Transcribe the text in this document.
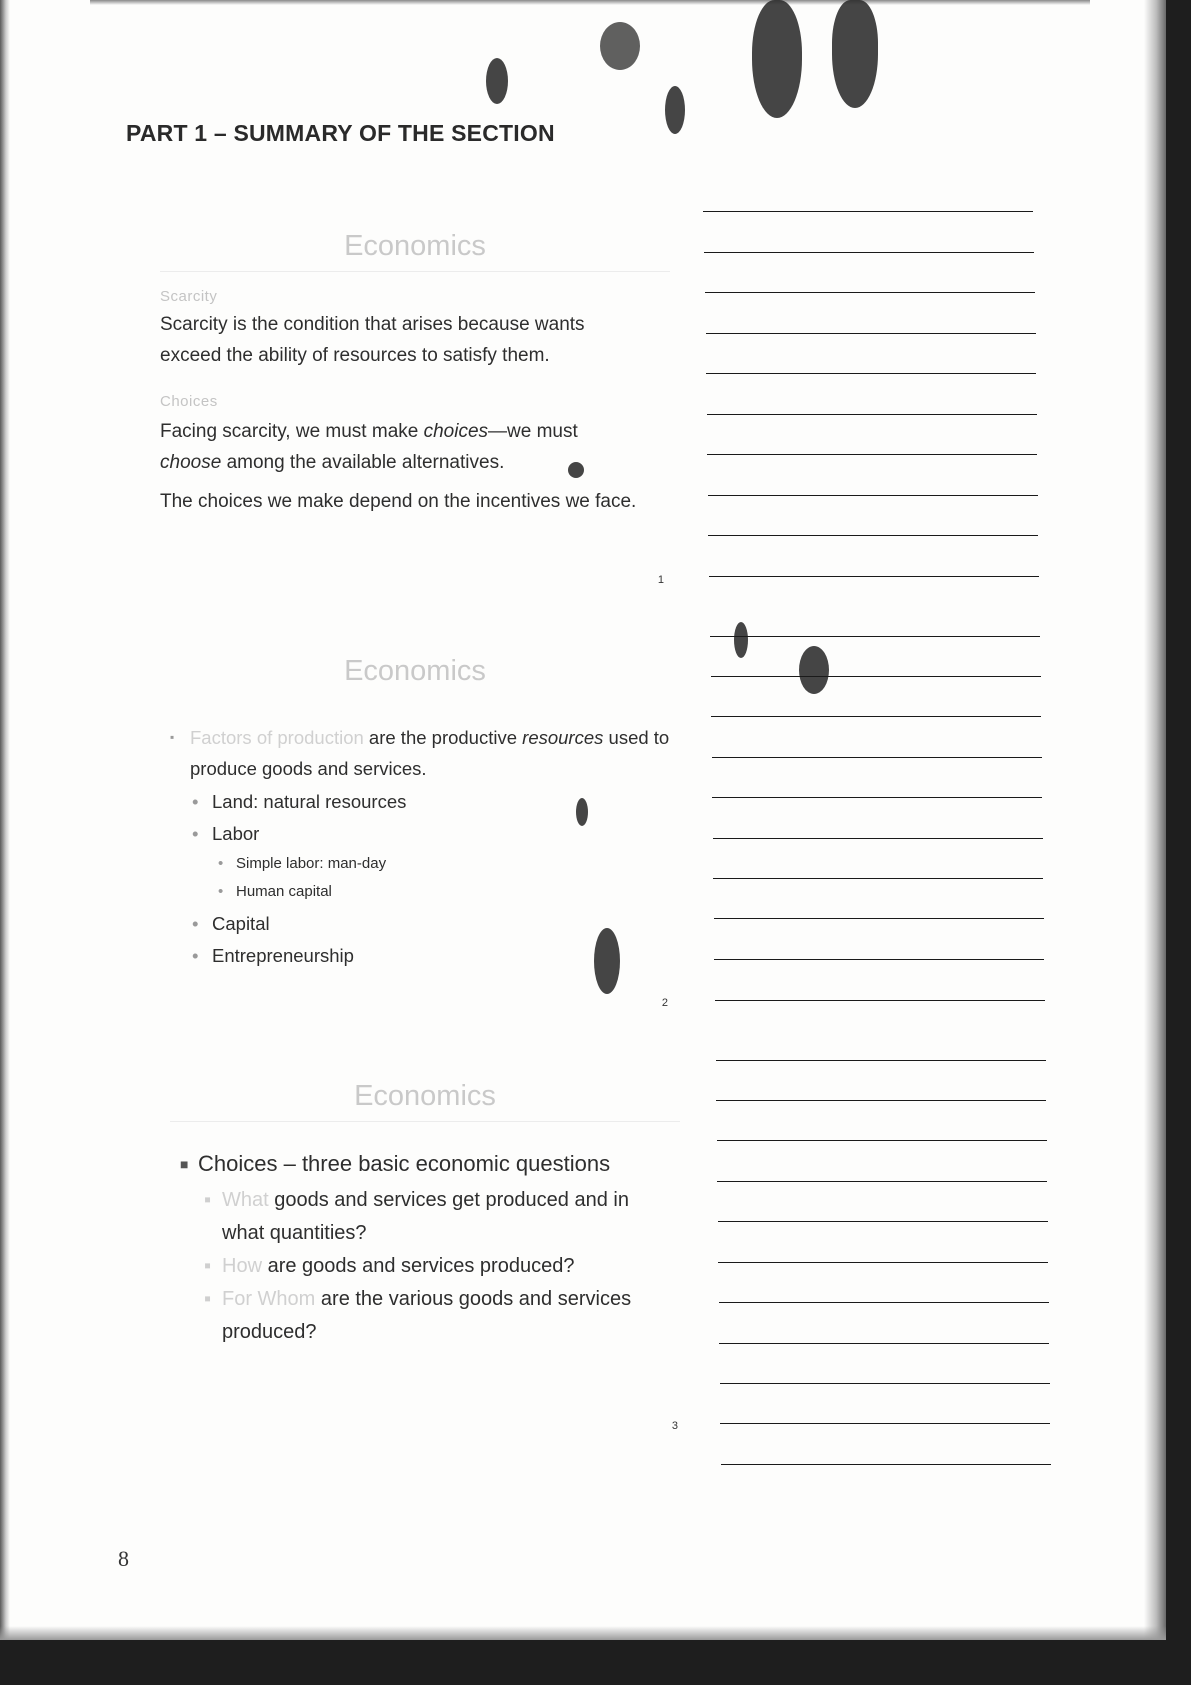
PART 1 – SUMMARY OF THE SECTION
Economics

Scarcity

Scarcity is the condition that arises because wants exceed the ability of resources to satisfy them.

Choices

Facing scarcity, we must make choices—we must choose among the available alternatives.

The choices we make depend on the incentives we face.

1
Economics

▪ Factors of production are the productive resources used to produce goods and services.

• Land: natural resources

• Labor

• Simple labor: man-day

• Human capital

• Capital

• Entrepreneurship

2
Economics

■ Choices – three basic economic questions

▪ What goods and services get produced and in what quantities?

▪ How are goods and services produced?

▪ For Whom are the various goods and services produced?

3

8
